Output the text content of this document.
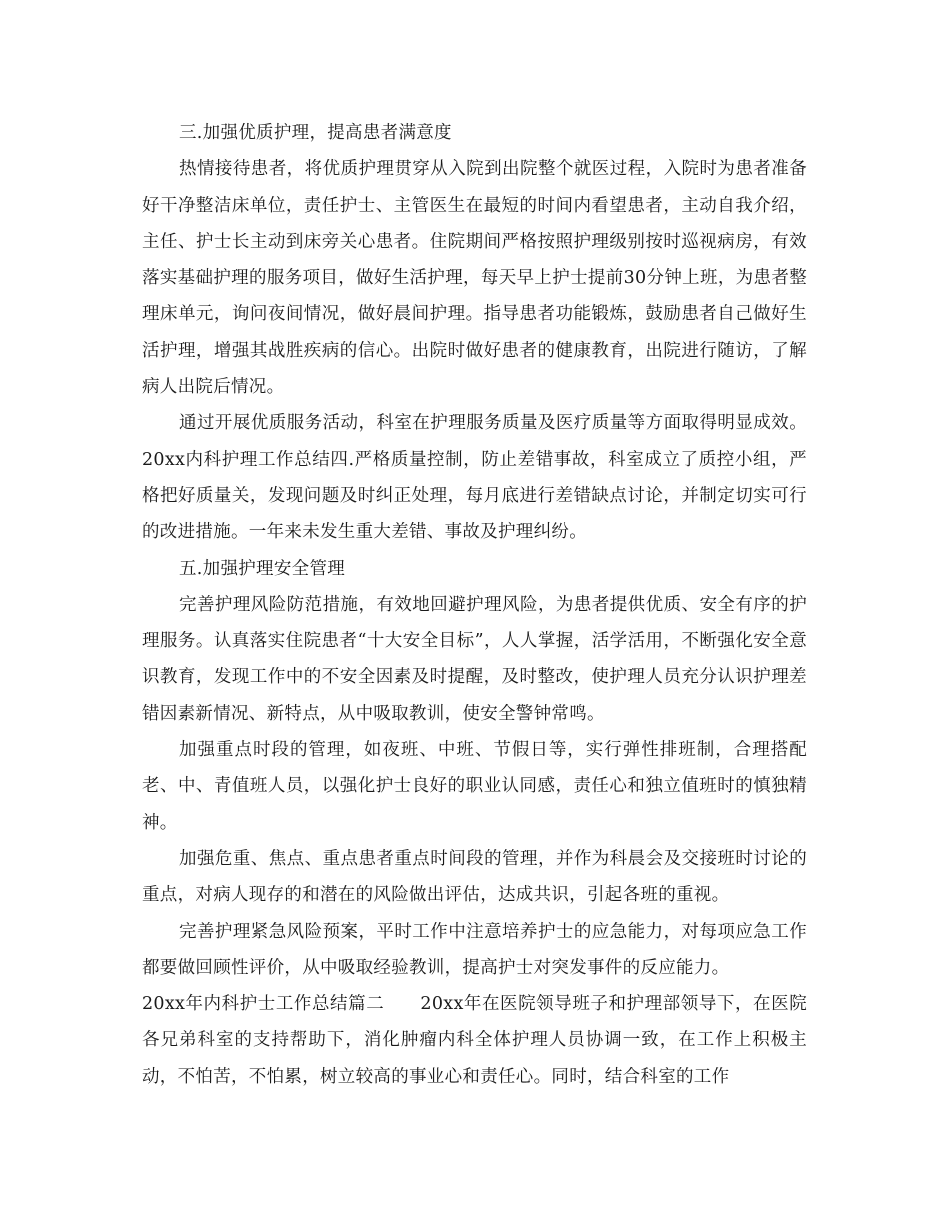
三.加强优质护理，提高患者满意度

热情接待患者，将优质护理贯穿从入院到出院整个就医过程，入院时为患者准备好干净整洁床单位，责任护士、主管医生在最短的时间内看望患者，主动自我介绍，主任、护士长主动到床旁关心患者。住院期间严格按照护理级别按时巡视病房，有效落实基础护理的服务项目，做好生活护理，每天早上护士提前30分钟上班，为患者整理床单元，询问夜间情况，做好晨间护理。指导患者功能锻炼，鼓励患者自己做好生活护理，增强其战胜疾病的信心。出院时做好患者的健康教育，出院进行随访，了解病人出院后情况。

通过开展优质服务活动，科室在护理服务质量及医疗质量等方面取得明显成效。20xx内科护理工作总结四.严格质量控制，防止差错事故，科室成立了质控小组，严格把好质量关，发现问题及时纠正处理，每月底进行差错缺点讨论，并制定切实可行的改进措施。一年来未发生重大差错、事故及护理纠纷。

五.加强护理安全管理

完善护理风险防范措施，有效地回避护理风险，为患者提供优质、安全有序的护理服务。认真落实住院患者“十大安全目标”，人人掌握，活学活用，不断强化安全意识教育，发现工作中的不安全因素及时提醒，及时整改，使护理人员充分认识护理差错因素新情况、新特点，从中吸取教训，使安全警钟常鸣。

加强重点时段的管理，如夜班、中班、节假日等，实行弹性排班制，合理搭配老、中、青值班人员，以强化护士良好的职业认同感，责任心和独立值班时的慎独精神。

加强危重、焦点、重点患者重点时间段的管理，并作为科晨会及交接班时讨论的重点，对病人现存的和潜在的风险做出评估，达成共识，引起各班的重视。

完善护理紧急风险预案，平时工作中注意培养护士的应急能力，对每项应急工作都要做回顾性评价，从中吸取经验教训，提高护士对突发事件的反应能力。

20xx年内科护士工作总结篇二　　20xx年在医院领导班子和护理部领导下，在医院各兄弟科室的支持帮助下，消化肿瘤内科全体护理人员协调一致，在工作上积极主动，不怕苦，不怕累，树立较高的事业心和责任心。同时，结合科室的工作
